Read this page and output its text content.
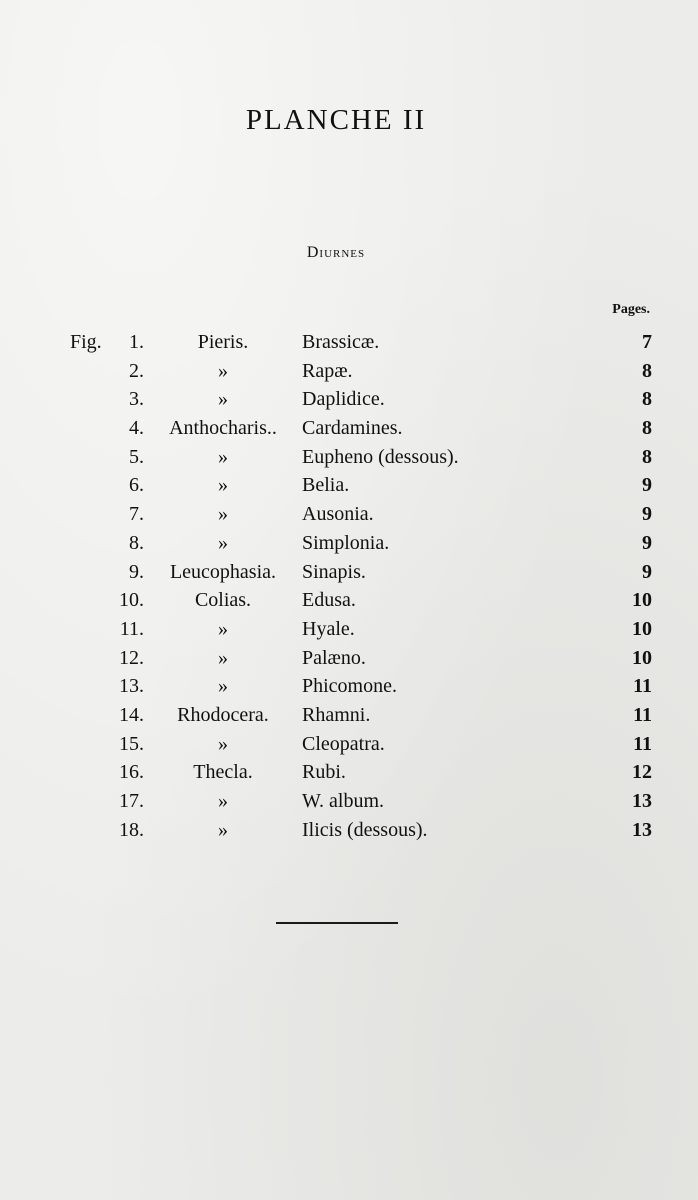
PLANCHE II
Diurnes
Pages.
Fig.	1.	Pieris.	Brassicæ.	7
2.	»	Rapæ.	8
3.	»	Daplidice.	8
4.	Anthocharis..	Cardamines.	8
5.	»	Eupheno (dessous).	8
6.	»	Belia.	9
7.	»	Ausonia.	9
8.	»	Simplonia.	9
9.	Leucophasia.	Sinapis.	9
10.	Colias.	Edusa.	10
11.	»	Hyale.	10
12.	»	Palæno.	10
13.	»	Phicomone.	11
14.	Rhodocera.	Rhamni.	11
15.	»	Cleopatra.	11
16.	Thecla.	Rubi.	12
17.	»	W. album.	13
18.	»	Ilicis (dessous).	13
